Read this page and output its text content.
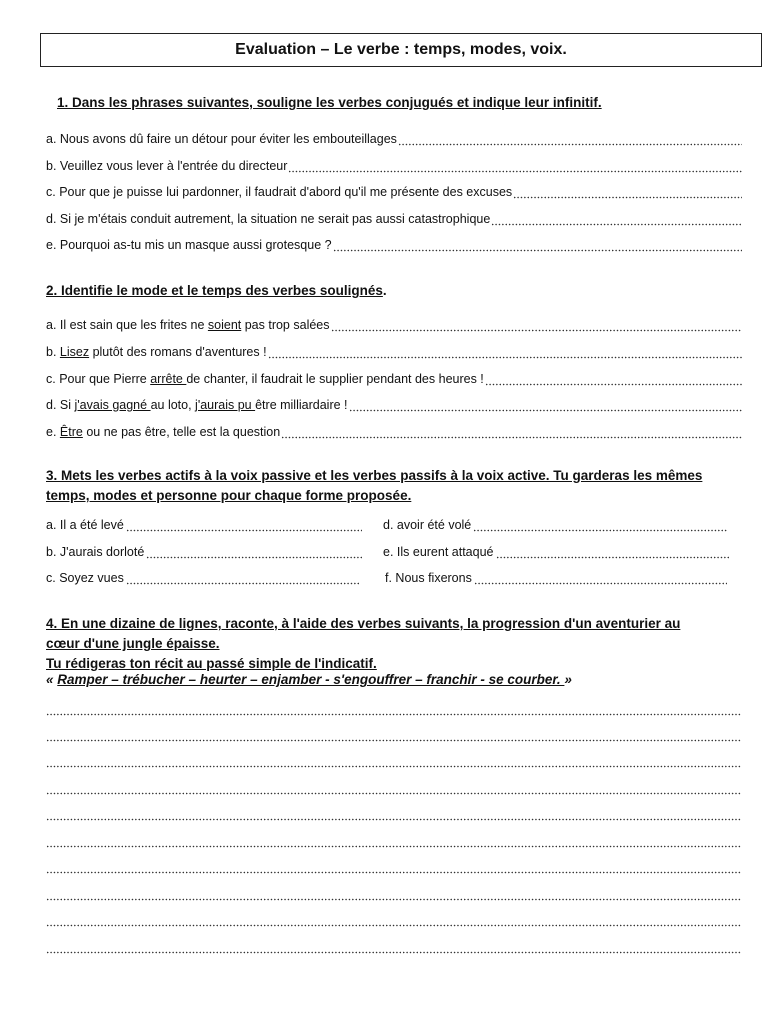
Evaluation – Le verbe : temps, modes, voix.
1. Dans les phrases suivantes, souligne les verbes conjugués et indique leur infinitif.
a. Nous avons dû faire un détour pour éviter les embouteillages
b. Veuillez vous lever à l'entrée du directeur
c. Pour que je puisse lui pardonner, il faudrait d'abord qu'il me présente des excuses
d. Si je m'étais conduit autrement, la situation ne serait pas aussi catastrophique
e. Pourquoi as-tu mis un masque aussi grotesque ?
2. Identifie le mode et le temps des verbes soulignés.
a. Il est sain que les frites ne soient pas trop salées
b. Lisez plutôt des romans d'aventures !
c. Pour que Pierre arrête de chanter, il faudrait le supplier pendant des heures !
d. Si j'avais gagné au loto, j'aurais pu être milliardaire !
e. Être ou ne pas être, telle est la question
3. Mets les verbes actifs à la voix passive et les verbes passifs à la voix active. Tu garderas les mêmes
temps, modes et personne pour chaque forme proposée.
a. Il a été levé	d. avoir été volé
b. J'aurais dorloté	e. Ils eurent attaqué
c. Soyez vues	f. Nous fixerons
4. En une dizaine de lignes, raconte, à l'aide des verbes suivants, la progression d'un aventurier au
cœur d'une jungle épaisse.
Tu rédigeras ton récit au passé simple de l'indicatif.
« Ramper – trébucher – heurter – enjamber - s'engouffrer – franchir - se courber. »
